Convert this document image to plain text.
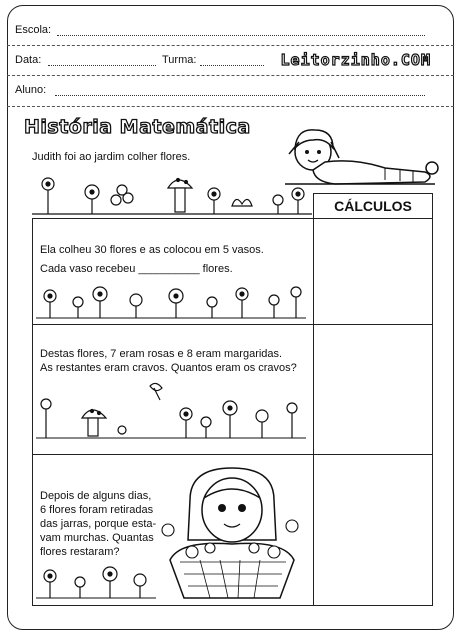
Escola:
Data:	Turma:	Leitorzinho.COM
Aluno:
História Matemática
Judith foi ao jardim colher flores.
CÁLCULOS
Ela colheu 30 flores e as colocou em 5 vasos.
Cada vaso recebeu __________ flores.
Destas flores, 7 eram rosas e 8 eram margaridas.
As restantes eram cravos. Quantos eram os cravos?
Depois de alguns dias,
6 flores foram retiradas
das jarras, porque esta-
vam murchas. Quantas
flores restaram?
